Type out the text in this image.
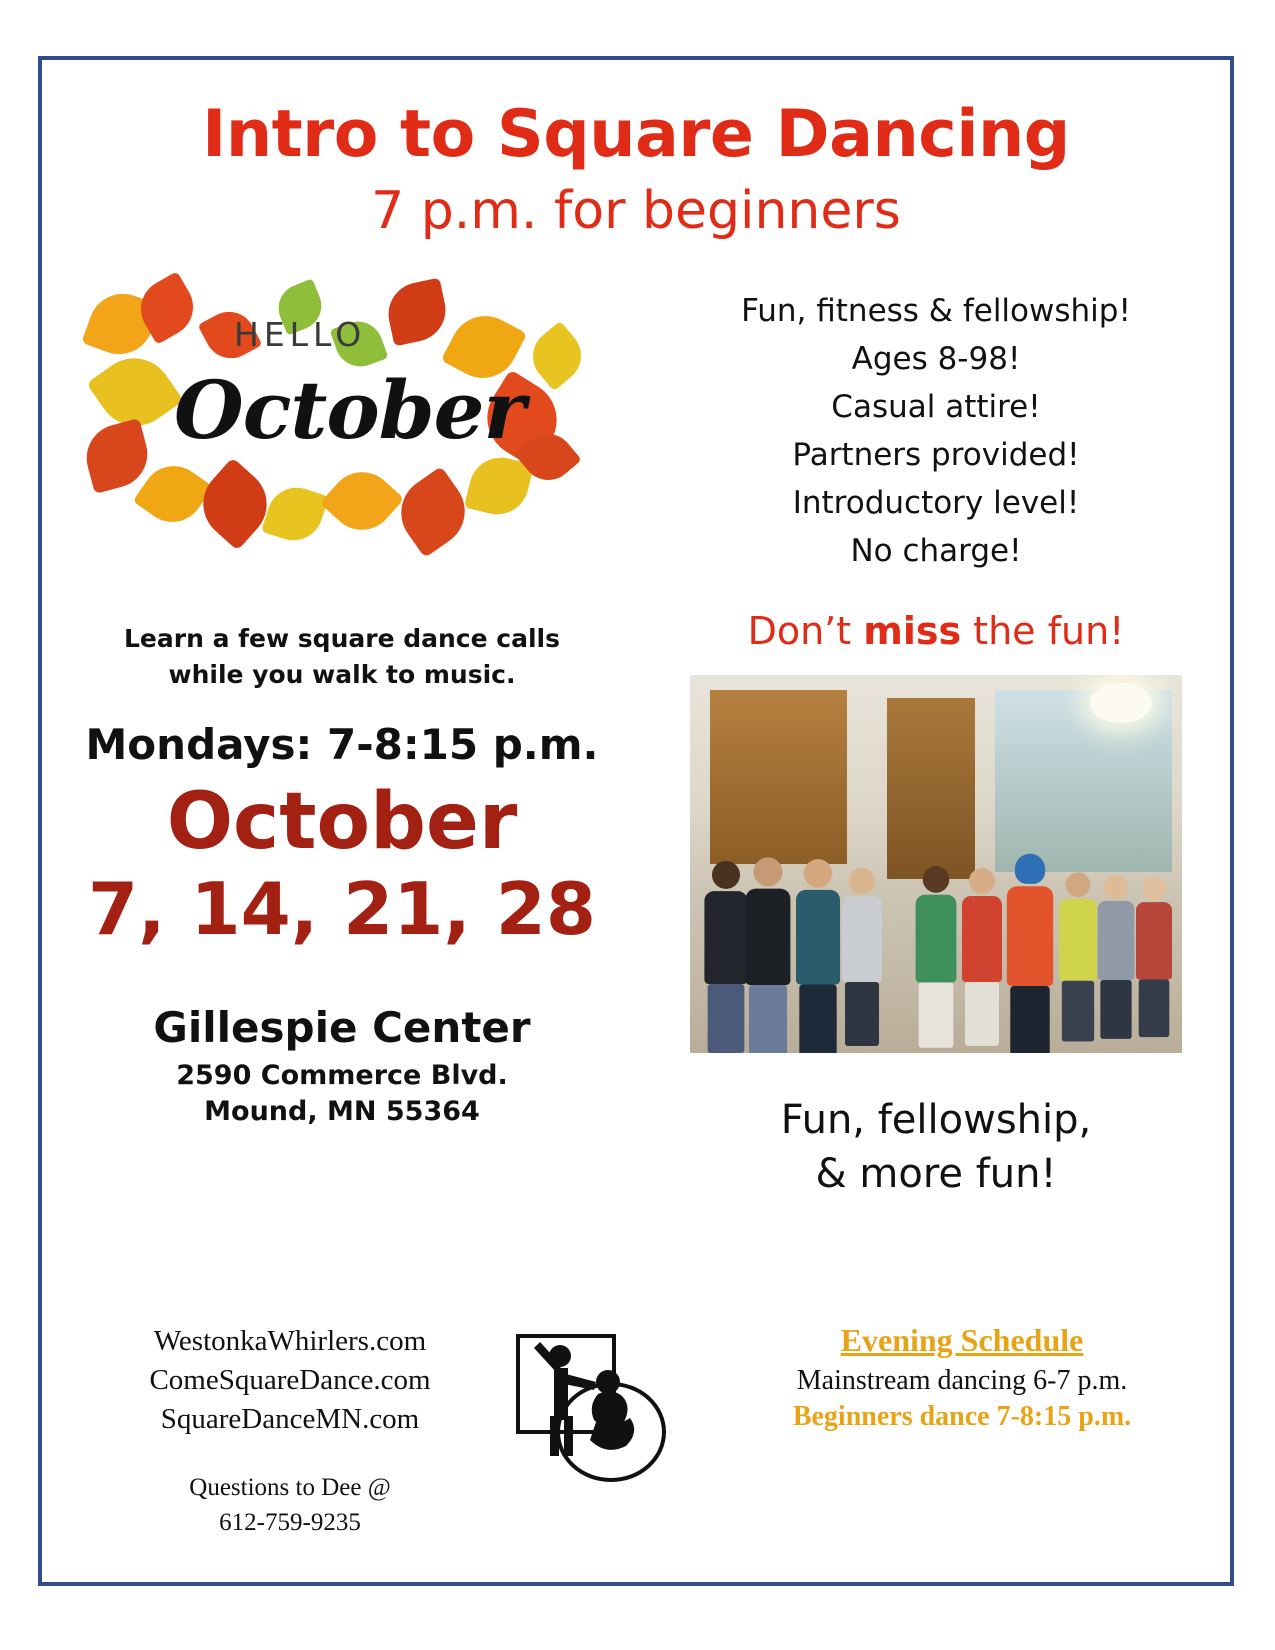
Intro to Square Dancing
7 p.m. for beginners
HELLO
October
Learn a few square dance calls
while you walk to music.
Mondays: 7-8:15 p.m.
October
7, 14, 21, 28
Gillespie Center
2590 Commerce Blvd.
Mound, MN 55364
Fun, fitness & fellowship!
Ages 8-98!
Casual attire!
Partners provided!
Introductory level!
No charge!
Don’t miss the fun!
Fun, fellowship,
& more fun!
WestonkaWhirlers.com
ComeSquareDance.com
SquareDanceMN.com
Questions to Dee @
612-759-9235
Evening Schedule
Mainstream dancing 6-7 p.m.
Beginners dance 7-8:15 p.m.
